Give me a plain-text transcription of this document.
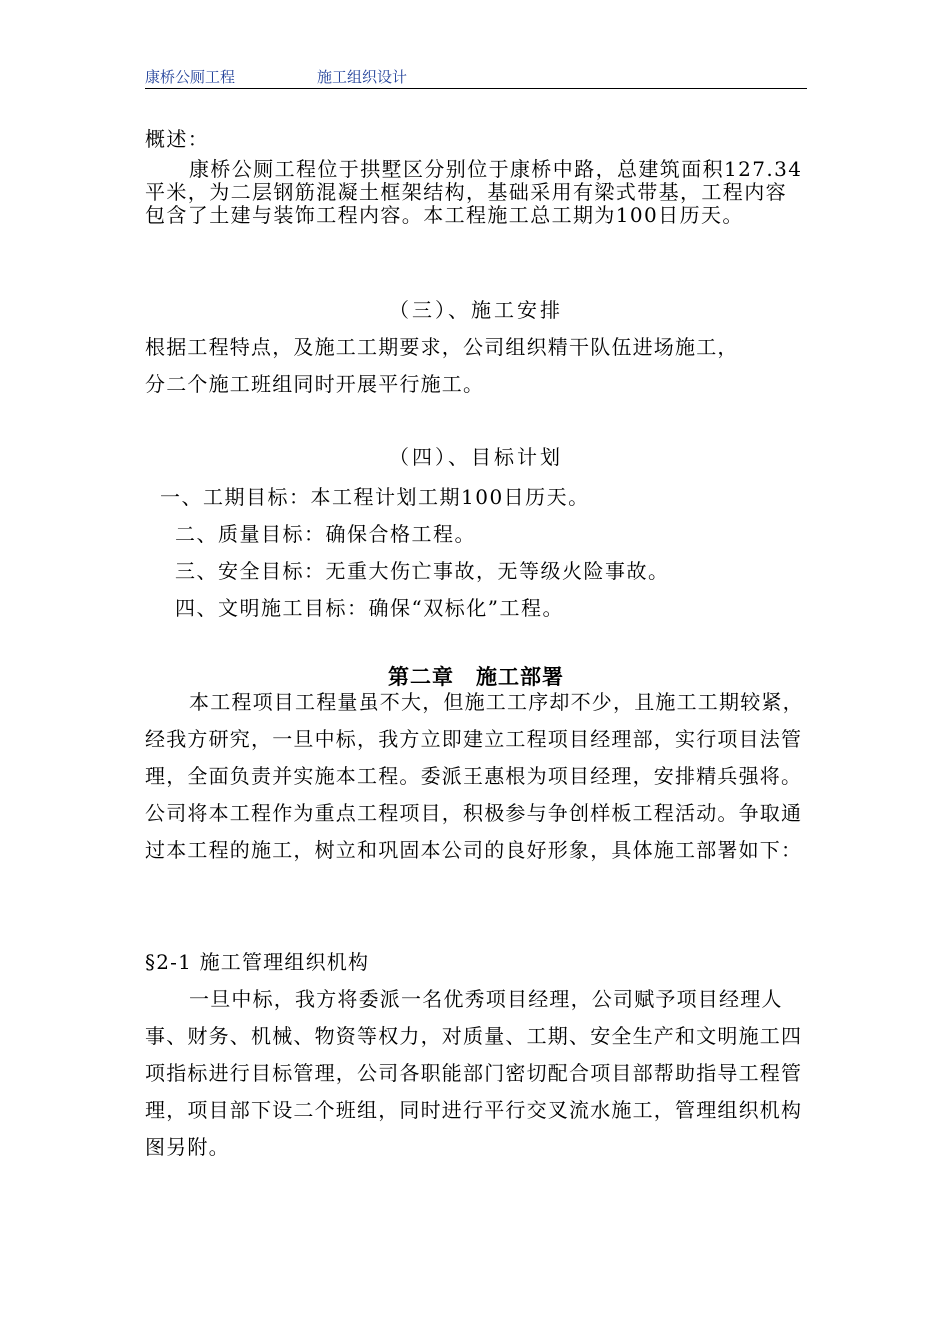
康桥公厕工程	施工组织设计

概述：

康桥公厕工程位于拱墅区分别位于康桥中路，总建筑面积127.34平米，为二层钢筋混凝土框架结构，基础采用有梁式带基，工程内容包含了土建与装饰工程内容。本工程施工总工期为100日历天。

（三）、施工安排

根据工程特点，及施工工期要求，公司组织精干队伍进场施工，

分二个施工班组同时开展平行施工。

（四）、目标计划

一、工期目标：本工程计划工期100日历天。
二、质量目标：确保合格工程。
三、安全目标：无重大伤亡事故，无等级火险事故。
四、文明施工目标：确保“双标化”工程。
第二章　施工部署

本工程项目工程量虽不大，但施工工序却不少，且施工工期较紧，经我方研究，一旦中标，我方立即建立工程项目经理部，实行项目法管理，全面负责并实施本工程。委派王惠根为项目经理，安排精兵强将。公司将本工程作为重点工程项目，积极参与争创样板工程活动。争取通过本工程的施工，树立和巩固本公司的良好形象，具体施工部署如下：

§2-1 施工管理组织机构

一旦中标，我方将委派一名优秀项目经理，公司赋予项目经理人事、财务、机械、物资等权力，对质量、工期、安全生产和文明施工四项指标进行目标管理，公司各职能部门密切配合项目部帮助指导工程管理，项目部下设二个班组，同时进行平行交叉流水施工，管理组织机构图另附。
